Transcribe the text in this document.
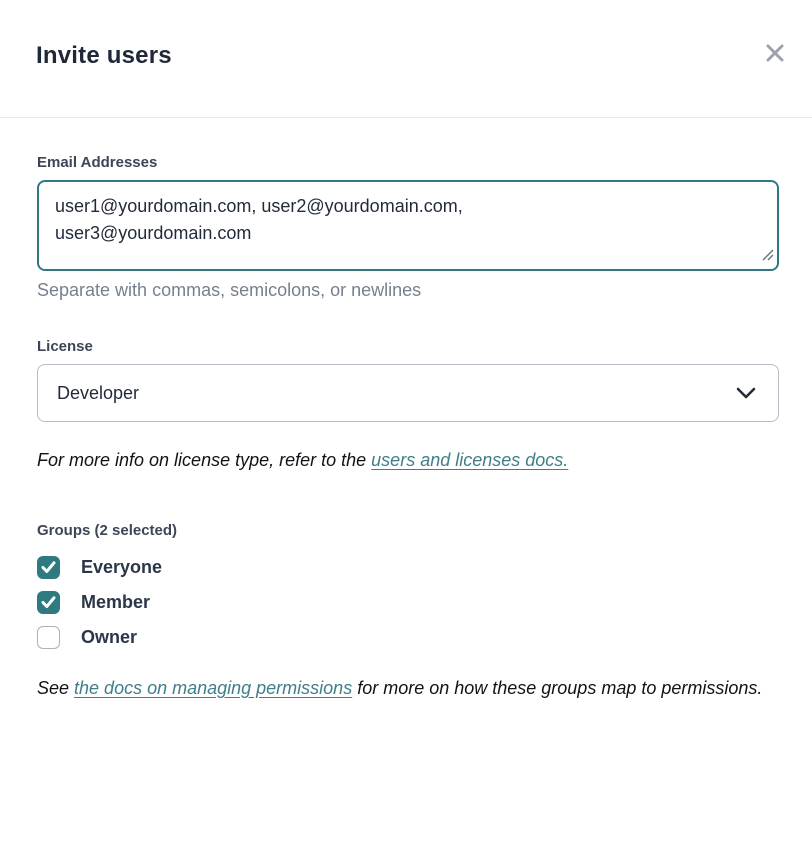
Invite users
Email Addresses
user1@yourdomain.com, user2@yourdomain.com, user3@yourdomain.com
Separate with commas, semicolons, or newlines
License
Developer
For more info on license type, refer to the users and licenses docs.
Groups (2 selected)
Everyone
Member
Owner
See the docs on managing permissions for more on how these groups map to permissions.
